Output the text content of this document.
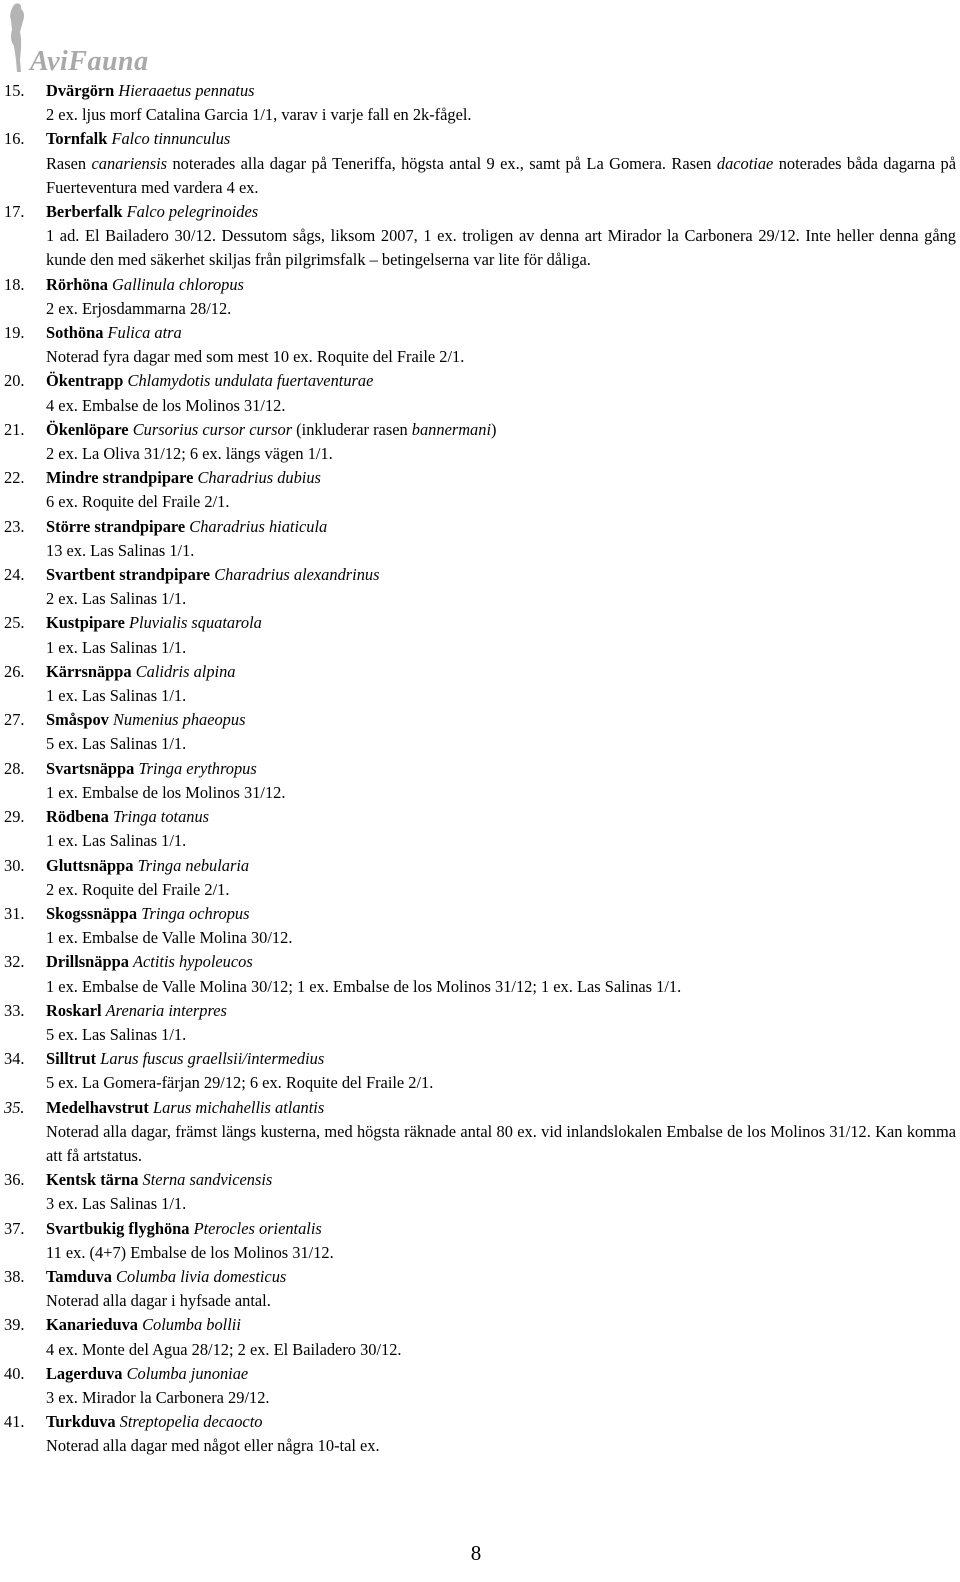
AviFauna
15. Dvärgörn Hieraaetus pennatus
2 ex. ljus morf Catalina Garcia 1/1, varav i varje fall en 2k-fågel.
16. Tornfalk Falco tinnunculus
Rasen canariensis noterades alla dagar på Teneriffa, högsta antal 9 ex., samt på La Gomera. Rasen dacotiae noterades båda dagarna på Fuerteventura med vardera 4 ex.
17. Berberfalk Falco pelegrinoides
1 ad. El Bailadero 30/12. Dessutom sågs, liksom 2007, 1 ex. troligen av denna art Mirador la Carbonera 29/12. Inte heller denna gång kunde den med säkerhet skiljas från pilgrimsfalk – betingelserna var lite för dåliga.
18. Rörhöna Gallinula chloropus
2 ex. Erjosdammarna 28/12.
19. Sothöna Fulica atra
Noterad fyra dagar med som mest 10 ex. Roquite del Fraile 2/1.
20. Ökentrapp Chlamydotis undulata fuertaventurae
4 ex. Embalse de los Molinos 31/12.
21. Ökenlöpare Cursorius cursor cursor (inkluderar rasen bannermani)
2 ex. La Oliva 31/12; 6 ex. längs vägen 1/1.
22. Mindre strandpipare Charadrius dubius
6 ex. Roquite del Fraile 2/1.
23. Större strandpipare Charadrius hiaticula
13 ex. Las Salinas 1/1.
24. Svartbent strandpipare Charadrius alexandrinus
2 ex. Las Salinas 1/1.
25. Kustpipare Pluvialis squatarola
1 ex. Las Salinas 1/1.
26. Kärrsnäppa Calidris alpina
1 ex. Las Salinas 1/1.
27. Småspov Numenius phaeopus
5 ex. Las Salinas 1/1.
28. Svartsnäppa Tringa erythropus
1 ex. Embalse de los Molinos 31/12.
29. Rödbena Tringa totanus
1 ex. Las Salinas 1/1.
30. Gluttsnäppa Tringa nebularia
2 ex. Roquite del Fraile 2/1.
31. Skogssnäppa Tringa ochropus
1 ex. Embalse de Valle Molina 30/12.
32. Drillsnäppa Actitis hypoleucos
1 ex. Embalse de Valle Molina 30/12; 1 ex. Embalse de los Molinos 31/12; 1 ex. Las Salinas 1/1.
33. Roskarl Arenaria interpres
5 ex. Las Salinas 1/1.
34. Silltrut Larus fuscus graellsii/intermedius
5 ex. La Gomera-färjan 29/12; 6 ex. Roquite del Fraile 2/1.
35. Medelhavstrut Larus michahellis atlantis
Noterad alla dagar, främst längs kusterna, med högsta räknade antal 80 ex. vid inlandslokalen Embalse de los Molinos 31/12. Kan komma att få artstatus.
36. Kentsk tärna Sterna sandvicensis
3 ex. Las Salinas 1/1.
37. Svartbukig flyghöna Pterocles orientalis
11 ex. (4+7) Embalse de los Molinos 31/12.
38. Tamduva Columba livia domesticus
Noterad alla dagar i hyfsade antal.
39. Kanarieduva Columba bollii
4 ex. Monte del Agua 28/12; 2 ex. El Bailadero 30/12.
40. Lagerduva Columba junoniae
3 ex. Mirador la Carbonera 29/12.
41. Turkduva Streptopelia decaocto
Noterad alla dagar med något eller några 10-tal ex.
8
